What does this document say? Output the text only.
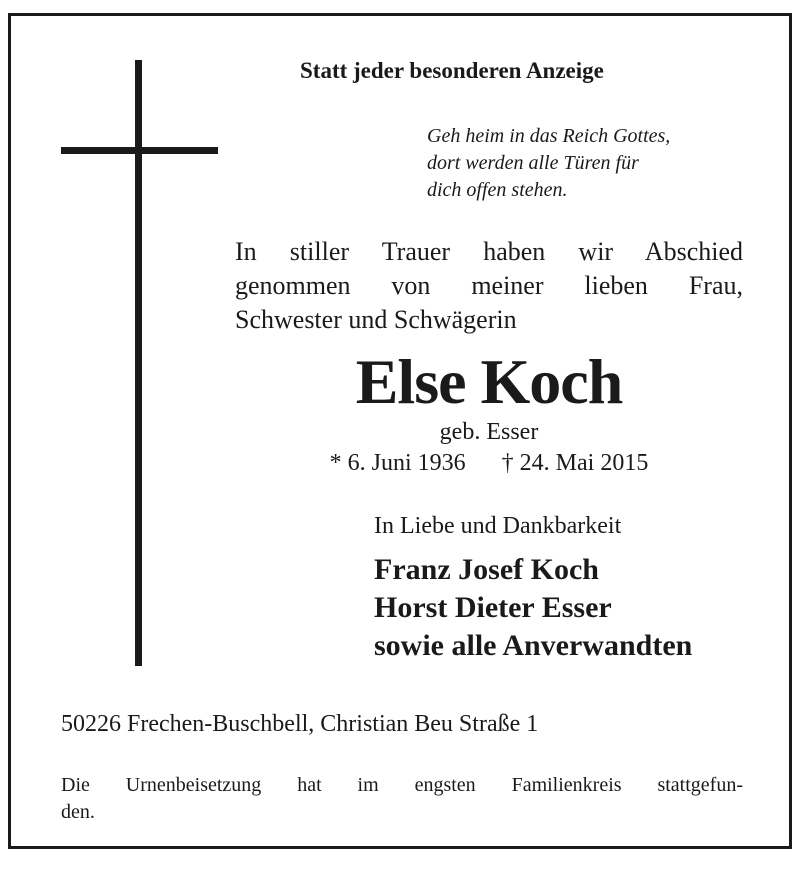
Statt jeder besonderen Anzeige
Geh heim in das Reich Gottes,
dort werden alle Türen für
dich offen stehen.
In stiller Trauer haben wir Abschied
genommen von meiner lieben Frau,
Schwester und Schwägerin
Else Koch
geb. Esser
* 6. Juni 1936 † 24. Mai 2015
In Liebe und Dankbarkeit
Franz Josef Koch
Horst Dieter Esser
sowie alle Anverwandten
50226 Frechen-Buschbell, Christian Beu Straße 1
Die Urnenbeisetzung hat im engsten Familienkreis stattgefun-
den.
